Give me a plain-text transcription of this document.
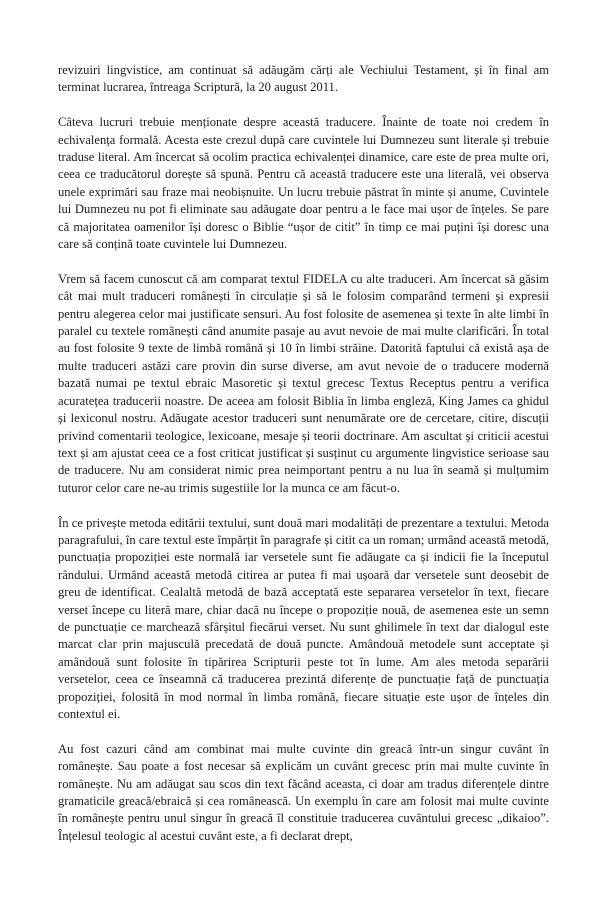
revizuiri lingvistice, am continuat să adăugăm cărți ale Vechiului Testament, și în final am terminat lucrarea, întreaga Scriptură, la 20 august 2011.

Câteva lucruri trebuie menționate despre această traducere. Înainte de toate noi credem în echivalența formală. Acesta este crezul după care cuvintele lui Dumnezeu sunt literale și trebuie traduse literal. Am încercat să ocolim practica echivalenței dinamice, care este de prea multe ori, ceea ce traducătorul dorește să spună. Pentru că această traducere este una literală, vei observa unele exprimări sau fraze mai neobișnuite. Un lucru trebuie păstrat în minte și anume, Cuvintele lui Dumnezeu nu pot fi eliminate sau adăugate doar pentru a le face mai ușor de înțeles. Se pare că majoritatea oamenilor își doresc o Biblie “ușor de citit” în timp ce mai puțini își doresc una care să conțină toate cuvintele lui Dumnezeu.

Vrem să facem cunoscut că am comparat textul FIDELA cu alte traduceri. Am încercat să găsim cât mai mult traduceri românești în circulație și să le folosim comparând termeni și expresii pentru alegerea celor mai justificate sensuri. Au fost folosite de asemenea și texte în alte limbi în paralel cu textele românești când anumite pasaje au avut nevoie de mai multe clarificări. În total au fost folosite 9 texte de limbă română și 10 în limbi străine. Datorită faptului că există așa de multe traduceri astăzi care provin din surse diverse, am avut nevoie de o traducere modernă bazată numai pe textul ebraic Masoretic și textul grecesc Textus Receptus pentru a verifica acuratețea traducerii noastre. De aceea am folosit Biblia în limba engleză, King James ca ghidul și lexiconul nostru. Adăugate acestor traduceri sunt nenumărate ore de cercetare, citire, discuții privind comentarii teologice, lexicoane, mesaje și teorii doctrinare. Am ascultat și criticii acestui text și am ajustat ceea ce a fost criticat justificat și susținut cu argumente lingvistice serioase sau de traducere. Nu am considerat nimic prea neimportant pentru a nu lua în seamă și mulțumim tuturor celor care ne-au trimis sugestiile lor la munca ce am făcut-o.

În ce privește metoda editării textului, sunt două mari modalități de prezentare a textului. Metoda paragrafului, în care textul este împărțit în paragrafe și citit ca un roman; urmând această metodă, punctuația propoziției este normală iar versetele sunt fie adăugate ca și indicii fie la începutul rândului. Urmând această metodă citirea ar putea fi mai ușoară dar versetele sunt deosebit de greu de identificat. Cealaltă metodă de bază acceptată este separarea versetelor în text, fiecare verset începe cu literă mare, chiar dacă nu începe o propoziție nouă, de asemenea este un semn de punctuație ce marchează sfârșitul fiecărui verset. Nu sunt ghilimele în text dar dialogul este marcat clar prin majusculă precedată de două puncte. Amândouă metodele sunt acceptate și amândouă sunt folosite în tipărirea Scripturii peste tot în lume. Am ales metoda separării versetelor, ceea ce înseamnă că traducerea prezintă diferențe de punctuație față de punctuația propoziției, folosită în mod normal în limba română, fiecare situație este ușor de înțeles din contextul ei.

Au fost cazuri când am combinat mai multe cuvinte din greacă într-un singur cuvânt în românește. Sau poate a fost necesar să explicăm un cuvânt grecesc prin mai multe cuvinte în românește. Nu am adăugat sau scos din text făcând aceasta, ci doar am tradus diferențele dintre gramaticile greacă/ebraică și cea românească. Un exemplu în care am folosit mai multe cuvinte în românește pentru unul singur în greacă îl constituie traducerea cuvântului grecesc „dikaioo”. Înțelesul teologic al acestui cuvânt este, a fi declarat drept,
